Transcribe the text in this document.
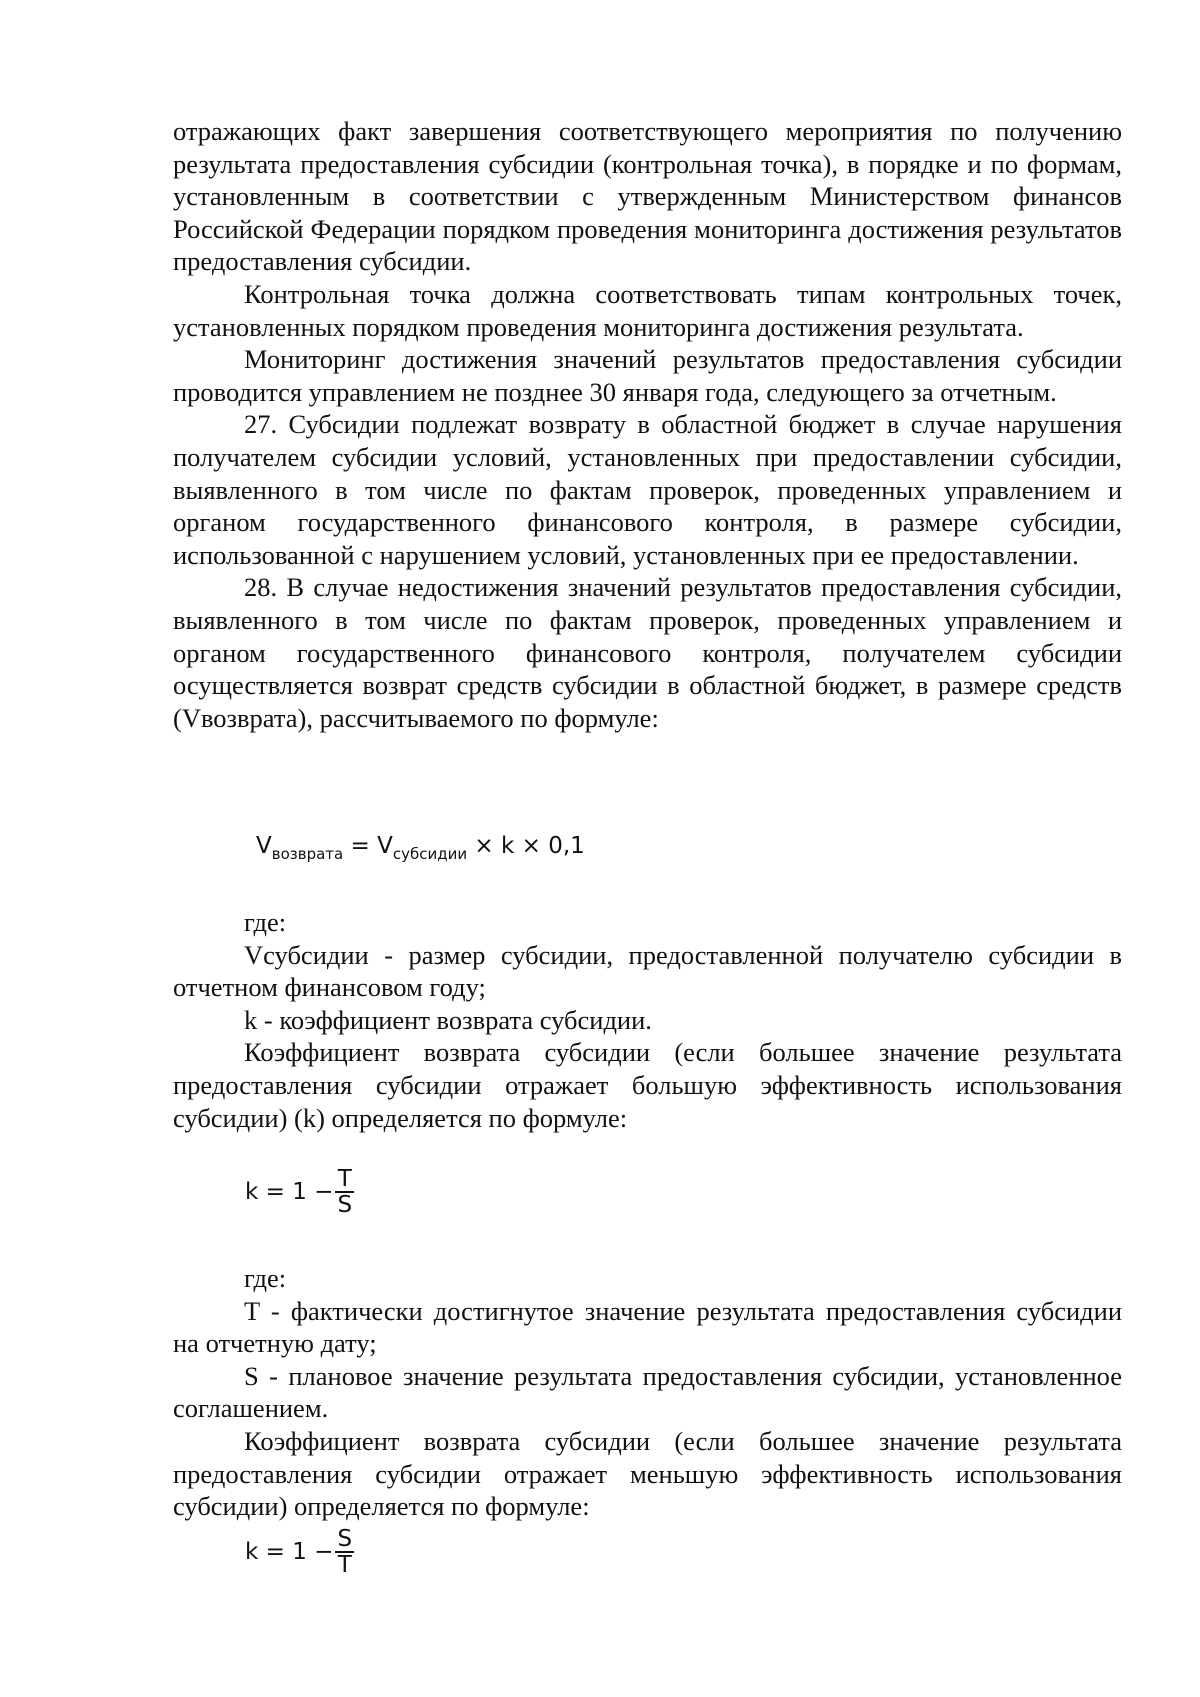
отражающих факт завершения соответствующего мероприятия по получению результата предоставления субсидии (контрольная точка), в порядке и по формам, установленным в соответствии с утвержденным Министерством финансов Российской Федерации порядком проведения мониторинга достижения результатов предоставления субсидии.

Контрольная точка должна соответствовать типам контрольных точек, установленных порядком проведения мониторинга достижения результата.

Мониторинг достижения значений результатов предоставления субсидии проводится управлением не позднее 30 января года, следующего за отчетным.

27. Субсидии подлежат возврату в областной бюджет в случае нарушения получателем субсидии условий, установленных при предоставлении субсидии, выявленного в том числе по фактам проверок, проведенных управлением и органом государственного финансового контроля, в размере субсидии, использованной с нарушением условий, установленных при ее предоставлении.

28. В случае недостижения значений результатов предоставления субсидии, выявленного в том числе по фактам проверок, проведенных управлением и органом государственного финансового контроля, получателем субсидии осуществляется возврат средств субсидии в областной бюджет, в размере средств (Vвозврата), рассчитываемого по формуле:

$V_{возврата} = V_{субсидии} \times k \times 0,1$

где:

Vсубсидии - размер субсидии, предоставленной получателю субсидии в отчетном финансовом году;

k - коэффициент возврата субсидии.

Коэффициент возврата субсидии (если большее значение результата предоставления субсидии отражает большую эффективность использования субсидии) (k) определяется по формуле:

$k = 1 - \frac{T}{S}$

где:

T - фактически достигнутое значение результата предоставления субсидии на отчетную дату;

S - плановое значение результата предоставления субсидии, установленное соглашением.

Коэффициент возврата субсидии (если большее значение результата предоставления субсидии отражает меньшую эффективность использования субсидии) определяется по формуле:

$k = 1 - \frac{S}{T}$
